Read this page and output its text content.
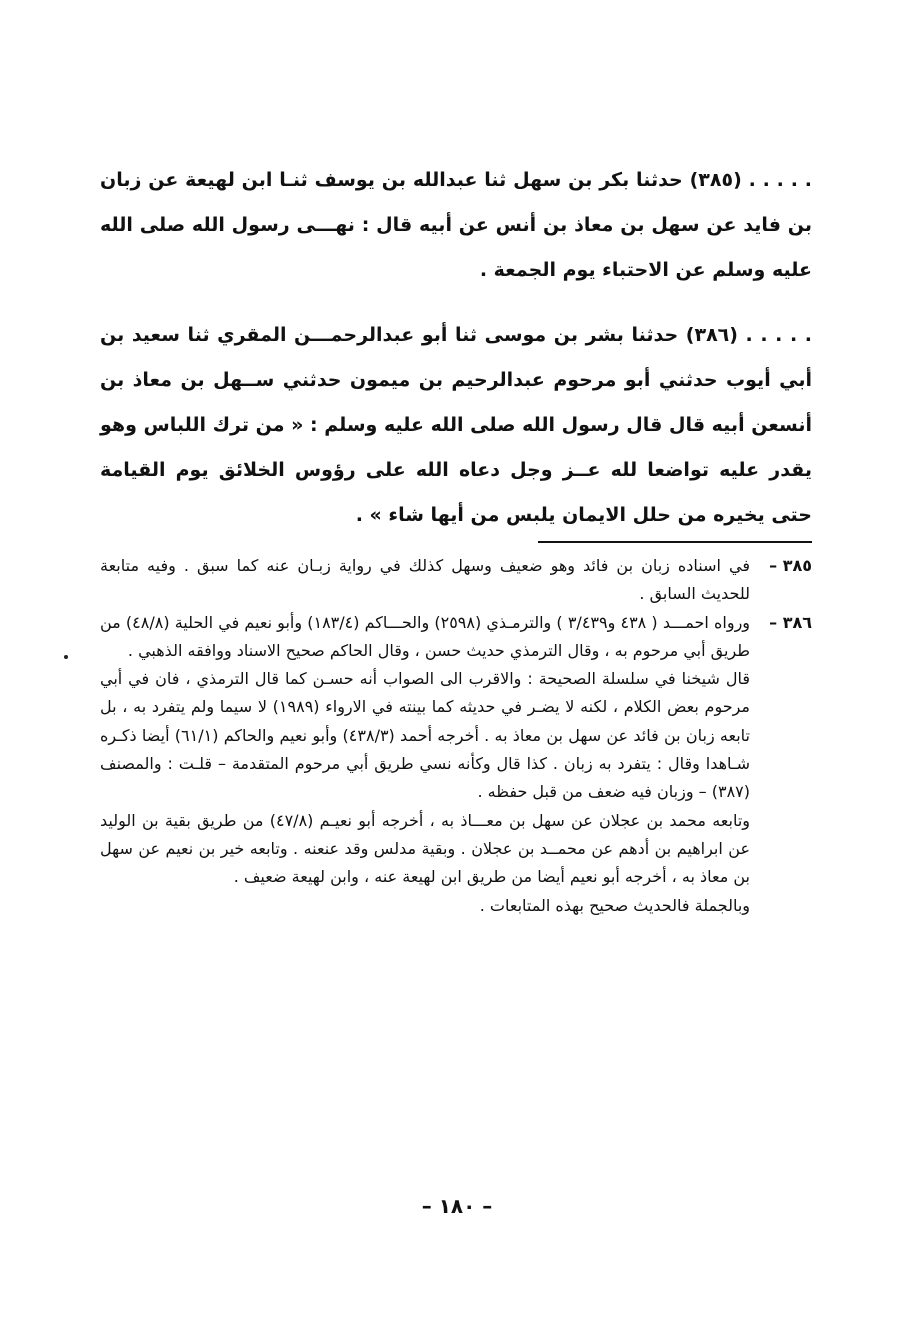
. . . . . (٣٨٥) حدثنا بكر بن سهل ثنا عبدالله بن يوسف ثنـا ابن لهيعة عن زبان بن فايد عن سهل بن معاذ بن أنس عن أبيه قال : نهـــى رسول الله صلى الله عليه وسلم عن الاحتباء يوم الجمعة .

. . . . . (٣٨٦) حدثنا بشر بن موسى ثنا أبو عبدالرحمـــن المقري ثنا سعيد بن أبي أيوب حدثني أبو مرحوم عبدالرحيم بن ميمون حدثني ســهل بن معاذ بن أنسعن أبيه قال قال رسول الله صلى الله عليه وسلم : « من ترك اللباس وهو يقدر عليه تواضعا لله عــز وجل دعاه الله على رؤوس الخلائق يوم القيامة حتى يخيره من حلل الايمان يلبس من أيها شاء » .

٣٨٥ –

في اسناده زبان بن فائد وهو ضعيف وسهل كذلك في رواية زبـان عنه كما سبق . وفيه متابعة للحديث السابق .

٣٨٦ –

ورواه احمـــد ( ٤٣٨ و٣/٤٣٩ ) والترمـذي (٢٥٩٨) والحـــاكم (١٨٣/٤) وأبو نعيم في الحلية (٤٨/٨) من طريق أبي مرحوم به ، وقال الترمذي حديث حسن ، وقال الحاكم صحيح الاسناد ووافقه الذهبي .

قال شيخنا في سلسلة الصحيحة : والاقرب الى الصواب أنه حسـن كما قال الترمذي ، فان في أبي مرحوم بعض الكلام ، لكنه لا يضـر في حديثه كما بينته في الارواء (١٩٨٩) لا سيما ولم يتفرد به ، بل تابعه زبان بن فائد عن سهل بن معاذ به . أخرجه أحمد (٤٣٨/٣) وأبو نعيم والحاكم (٦١/١) أيضا ذكـره شـاهدا وقال : يتفرد به زبان . كذا قال وكأنه نسي طريق أبي مرحوم المتقدمة – قلـت : والمصنف (٣٨٧) – وزبان فيه ضعف من قبل حفظه .

وتابعه محمد بن عجلان عن سهل بن معـــاذ به ، أخرجه أبو نعيـم (٤٧/٨) من طريق بقية بن الوليد عن ابراهيم بن أدهم عن محمــد بن عجلان . وبقية مدلس وقد عنعنه . وتابعه خير بن نعيم عن سهل بن معاذ به ، أخرجه أبو نعيم أيضا من طريق ابن لهيعة عنه ، وابن لهيعة ضعيف .

وبالجملة فالحديث صحيح بهذه المتابعات .

– ١٨٠ –
